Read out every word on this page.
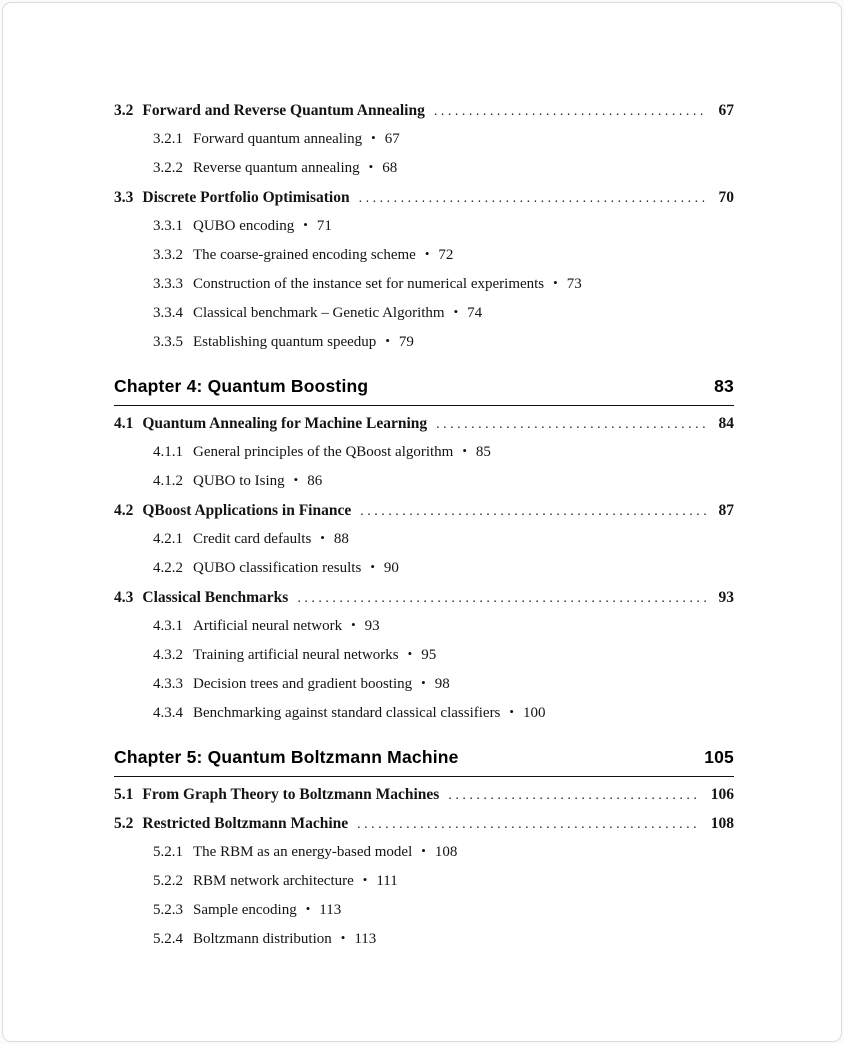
3.2 Forward and Reverse Quantum Annealing .....	67
3.2.1 Forward quantum annealing • 67
3.2.2 Reverse quantum annealing • 68
3.3 Discrete Portfolio Optimisation .....	70
3.3.1 QUBO encoding • 71
3.3.2 The coarse-grained encoding scheme • 72
3.3.3 Construction of the instance set for numerical experiments • 73
3.3.4 Classical benchmark – Genetic Algorithm • 74
3.3.5 Establishing quantum speedup • 79
Chapter 4: Quantum Boosting	83
4.1 Quantum Annealing for Machine Learning .....	84
4.1.1 General principles of the QBoost algorithm • 85
4.1.2 QUBO to Ising • 86
4.2 QBoost Applications in Finance .....	87
4.2.1 Credit card defaults • 88
4.2.2 QUBO classification results • 90
4.3 Classical Benchmarks .....	93
4.3.1 Artificial neural network • 93
4.3.2 Training artificial neural networks • 95
4.3.3 Decision trees and gradient boosting • 98
4.3.4 Benchmarking against standard classical classifiers • 100
Chapter 5: Quantum Boltzmann Machine	105
5.1 From Graph Theory to Boltzmann Machines .....	106
5.2 Restricted Boltzmann Machine .....	108
5.2.1 The RBM as an energy-based model • 108
5.2.2 RBM network architecture • 111
5.2.3 Sample encoding • 113
5.2.4 Boltzmann distribution • 113
